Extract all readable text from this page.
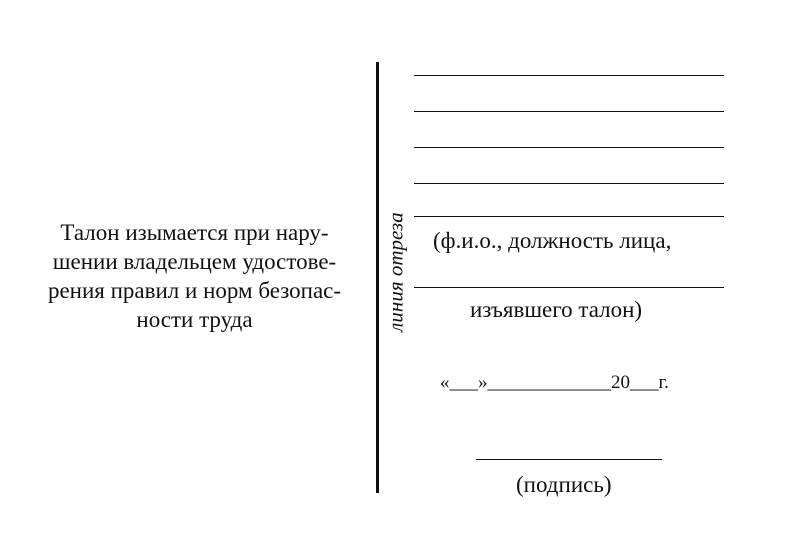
Талон изымается при нару-
шении владельцем удостове-
рения правил и норм безопас-
ности труда	линия отреза (ф.и.о., должность лица,
изъявшего талон)
«___»_____________20___г.
(подпись)
